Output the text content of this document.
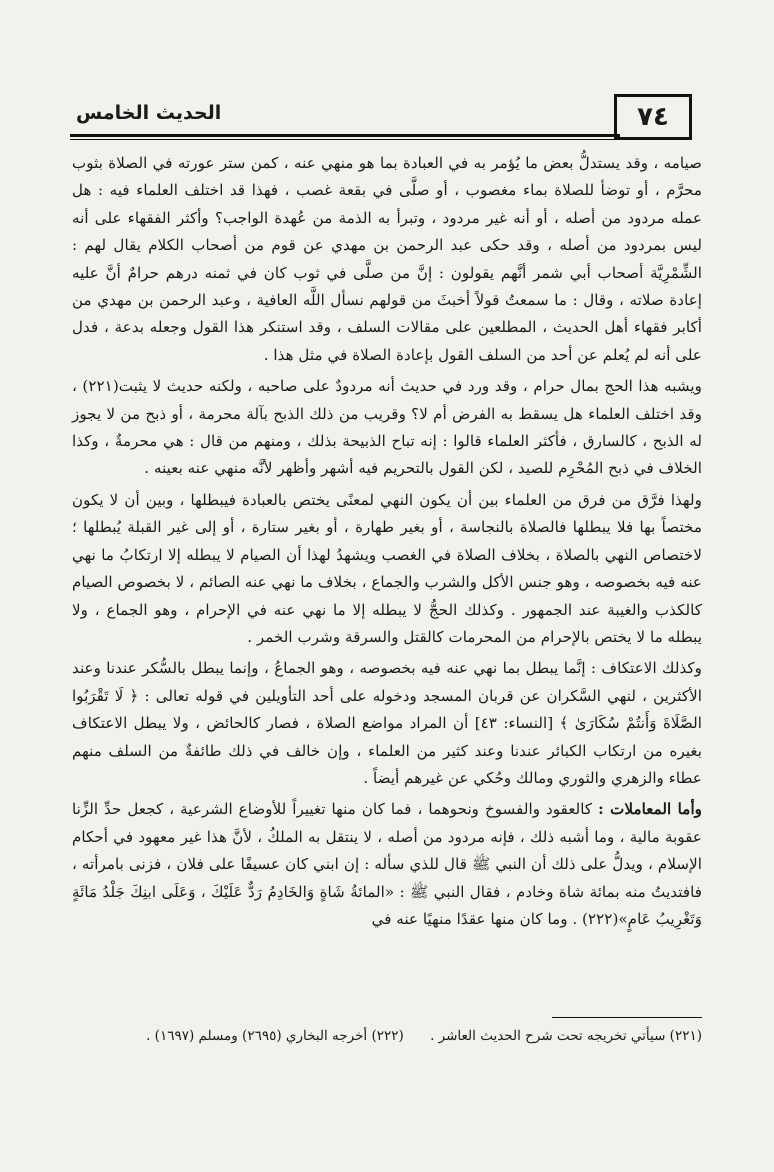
٧٤
الحديث الخامس

صيامه ، وقد يستدلُّ بعض ما يُؤمر به في العبادة بما هو منهي عنه ، كمن ستر عورته في الصلاة بثوب محرَّم ، أو توضأ للصلاة بماء مغصوب ، أو صلَّى في بقعة غصب ، فهذا قد اختلف العلماء فيه : هل عمله مردود من أصله ، أو أنه غير مردود ، وتبرأ به الذمة من عُهدة الواجب؟ وأكثر الفقهاء على أنه ليس بمردود من أصله ، وقد حكى عبد الرحمن بن مهدي عن قوم من أصحاب الكلام يقال لهم : الشِّمْرِيَّة أصحاب أبي شمر أنَّهم يقولون : إنَّ من صلَّى في ثوب كان في ثمنه درهم حرامٌ أنَّ عليه إعادة صلاته ، وقال : ما سمعتُ قولاً أخبثَ من قولهم نسأل اللَّه العافية ، وعبد الرحمن بن مهدي من أكابر فقهاء أهل الحديث ، المطلعين على مقالات السلف ، وقد استنكر هذا القول وجعله بدعة ، فدل على أنه لم يُعلم عن أحد من السلف القول بإعادة الصلاة في مثل هذا .

ويشبه هذا الحج بمال حرام ، وقد ورد في حديث أنه مردودٌ على صاحبه ، ولكنه حديث لا يثبت(٢٢١) ، وقد اختلف العلماء هل يسقط به الفرض أم لا؟ وقريب من ذلك الذبح بآلة محرمة ، أو ذبح من لا يجوز له الذبح ، كالسارق ، فأكثر العلماء قالوا : إنه تباح الذبيحة بذلك ، ومنهم من قال : هي محرمةٌ ، وكذا الخلاف في ذبح المُحْرِم للصيد ، لكن القول بالتحريم فيه أشهر وأظهر لأنَّه منهي عنه بعينه .

ولهذا فرَّق من فرق من العلماء بين أن يكون النهي لمعنًى يختص بالعبادة فيبطلها ، وبين أن لا يكون مختصاً بها فلا يبطلها فالصلاة بالنجاسة ، أو بغير طهارة ، أو بغير ستارة ، أو إلى غير القبلة يُبطلها ؛ لاختصاص النهي بالصلاة ، بخلاف الصلاة في الغصب ويشهدُ لهذا أن الصيام لا يبطله إلا ارتكابُ ما نهي عنه فيه بخصوصه ، وهو جنس الأكل والشرب والجماع ، بخلاف ما نهي عنه الصائم ، لا بخصوص الصيام كالكذب والغيبة عند الجمهور . وكذلك الحجُّ لا يبطله إلا ما نهي عنه في الإحرام ، وهو الجماع ، ولا يبطله ما لا يختص بالإحرام من المحرمات كالقتل والسرقة وشرب الخمر .

وكذلك الاعتكاف : إنَّما يبطل بما نهي عنه فيه بخصوصه ، وهو الجماعُ ، وإنما يبطل بالسُّكر عندنا وعند الأكثرين ، لنهي السَّكران عن قربان المسجد ودخوله على أحد التأويلين في قوله تعالى : ﴿ لَا تَقْرَبُوا الصَّلَاةَ وَأَنتُمْ سُكَارَىٰ ﴾ [النساء: ٤٣] أن المراد مواضع الصلاة ، فصار كالحائض ، ولا يبطل الاعتكاف بغيره من ارتكاب الكبائر عندنا وعند كثير من العلماء ، وإن خالف في ذلك طائفةٌ من السلف منهم عطاء والزهري والثوري ومالك وحُكي عن غيرهم أيضاً .

وأما المعاملات : كالعقود والفسوخ ونحوهما ، فما كان منها تغييراً للأوضاع الشرعية ، كجعل حدِّ الزِّنا عقوبة مالية ، وما أشبه ذلك ، فإنه مردود من أصله ، لا ينتقل به الملكُ ، لأنَّ هذا غير معهود في أحكام الإسلام ، ويدلُّ على ذلك أن النبي ﷺ قال للذي سأله : إن ابني كان عسيفًا على فلان ، فزنى بامرأته ، فافتديتُ منه بمائة شاة وخادم ، فقال النبي ﷺ : «المائةُ شَاةٍ وَالخَادِمُ رَدٌّ عَلَيْكَ ، وَعَلَى ابنِكَ جَلْدُ مَائَةٍ وَتَغْرِيبُ عَامٍ»(٢٢٢) . وما كان منها عقدًا منهيًا عنه في

(٢٢١) سيأتي تخريجه تحت شرح الحديث العاشر . (٢٢٢) أخرجه البخاري (٢٦٩٥) ومسلم (١٦٩٧) .
